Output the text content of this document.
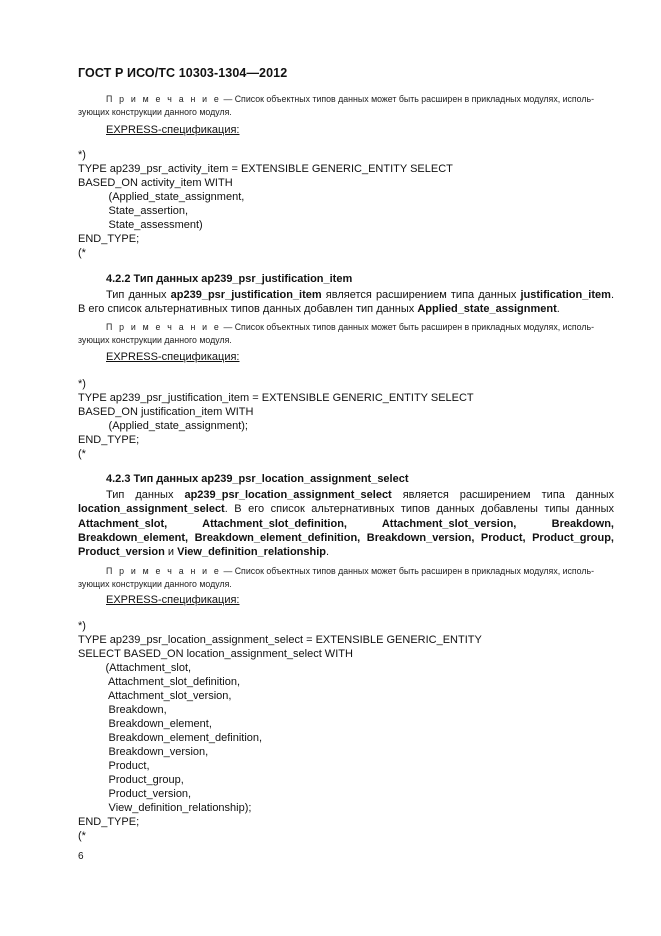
ГОСТ Р ИСО/ТС 10303-1304—2012
П р и м е ч а н и е — Список объектных типов данных может быть расширен в прикладных модулях, исполь-
зующих конструкции данного модуля.
EXPRESS-спецификация:
*)
TYPE ap239_psr_activity_item = EXTENSIBLE GENERIC_ENTITY SELECT
BASED_ON activity_item WITH
(Applied_state_assignment,
State_assertion,
State_assessment)
END_TYPE;
(*
4.2.2 Тип данных ap239_psr_justification_item
Тип данных ap239_psr_justification_item является расширением типа данных justification_item. В его список альтернативных типов данных добавлен тип данных Applied_state_assignment.
П р и м е ч а н и е — Список объектных типов данных может быть расширен в прикладных модулях, исполь-
зующих конструкции данного модуля.
EXPRESS-спецификация:
*)
TYPE ap239_psr_justification_item = EXTENSIBLE GENERIC_ENTITY SELECT
BASED_ON justification_item WITH
(Applied_state_assignment);
END_TYPE;
(*
4.2.3 Тип данных ap239_psr_location_assignment_select
Тип данных ap239_psr_location_assignment_select является расширением типа данных location_assignment_select. В его список альтернативных типов данных добавлены типы данных Attachment_slot, Attachment_slot_definition, Attachment_slot_version, Breakdown, Breakdown_element, Breakdown_element_definition, Breakdown_version, Product, Product_group, Product_version и View_definition_relationship.
П р и м е ч а н и е — Список объектных типов данных может быть расширен в прикладных модулях, исполь-
зующих конструкции данного модуля.
EXPRESS-спецификация:
*)
TYPE ap239_psr_location_assignment_select = EXTENSIBLE GENERIC_ENTITY
SELECT BASED_ON location_assignment_select WITH
(Attachment_slot,
Attachment_slot_definition,
Attachment_slot_version,
Breakdown,
Breakdown_element,
Breakdown_element_definition,
Breakdown_version,
Product,
Product_group,
Product_version,
View_definition_relationship);
END_TYPE;
(*
6
